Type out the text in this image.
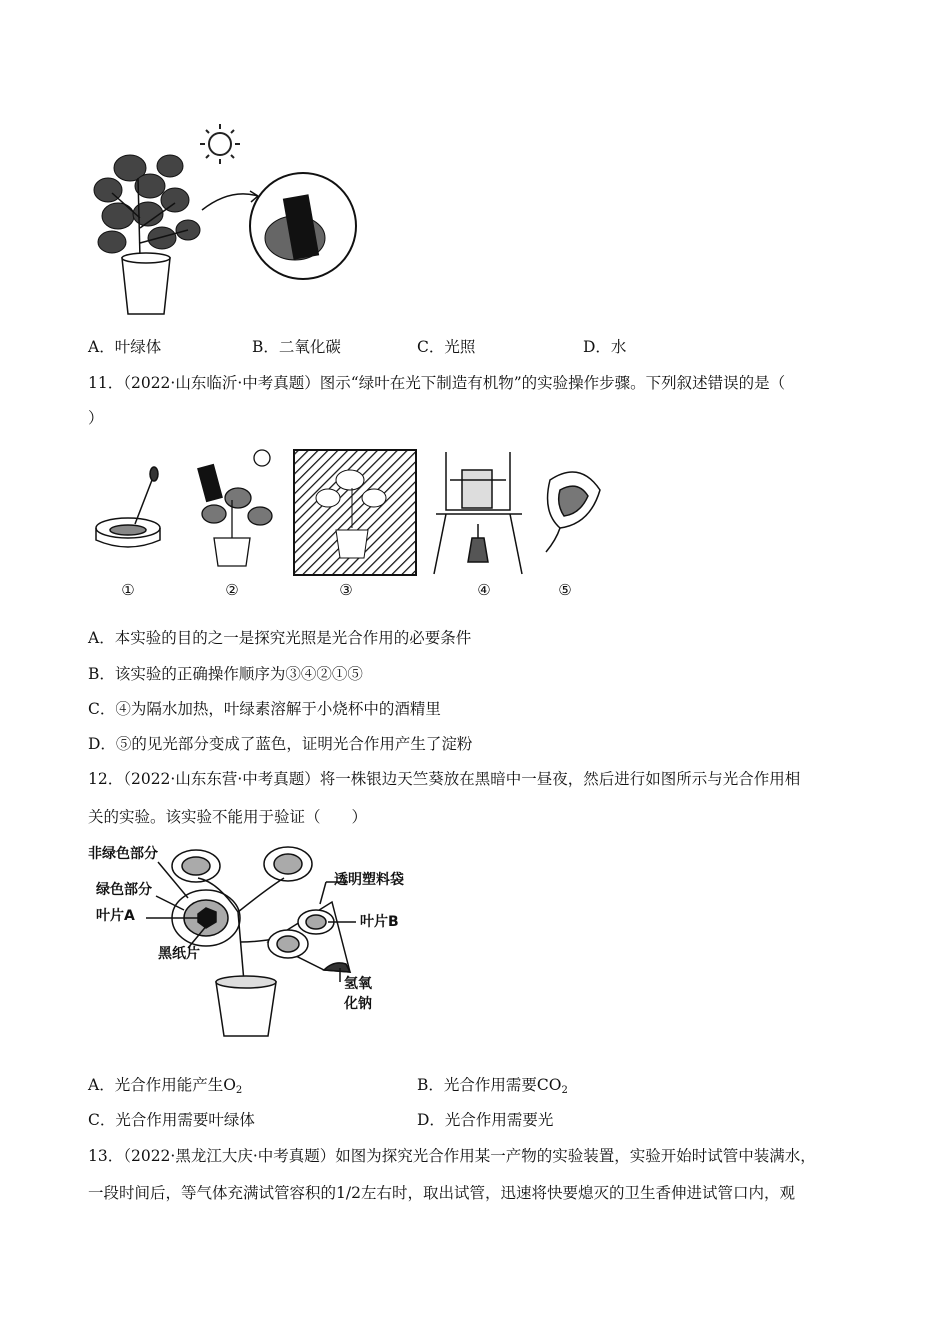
A．叶绿体	B．二氧化碳	C．光照	D．水
11．（2022·山东临沂·中考真题）图示“绿叶在光下制造有机物”的实验操作步骤。下列叙述错误的是（
）
①	②	③	④	⑤
A．本实验的目的之一是探究光照是光合作用的必要条件
B．该实验的正确操作顺序为③④②①⑤
C．④为隔水加热，叶绿素溶解于小烧杯中的酒精里
D．⑤的见光部分变成了蓝色，证明光合作用产生了淀粉
12．（2022·山东东营·中考真题）将一株银边天竺葵放在黑暗中一昼夜，然后进行如图所示与光合作用相
关的实验。该实验不能用于验证（　　）
非绿色部分
绿色部分
叶片A
黑纸片
透明塑料袋
叶片B
氢氧
化钠
A．光合作用能产生$O_2$	B．光合作用需要$CO_2$
C．光合作用需要叶绿体	D．光合作用需要光
13．（2022·黑龙江大庆·中考真题）如图为探究光合作用某一产物的实验装置，实验开始时试管中装满水，
一段时间后，等气体充满试管容积的1/2左右时，取出试管，迅速将快要熄灭的卫生香伸进试管口内，观
